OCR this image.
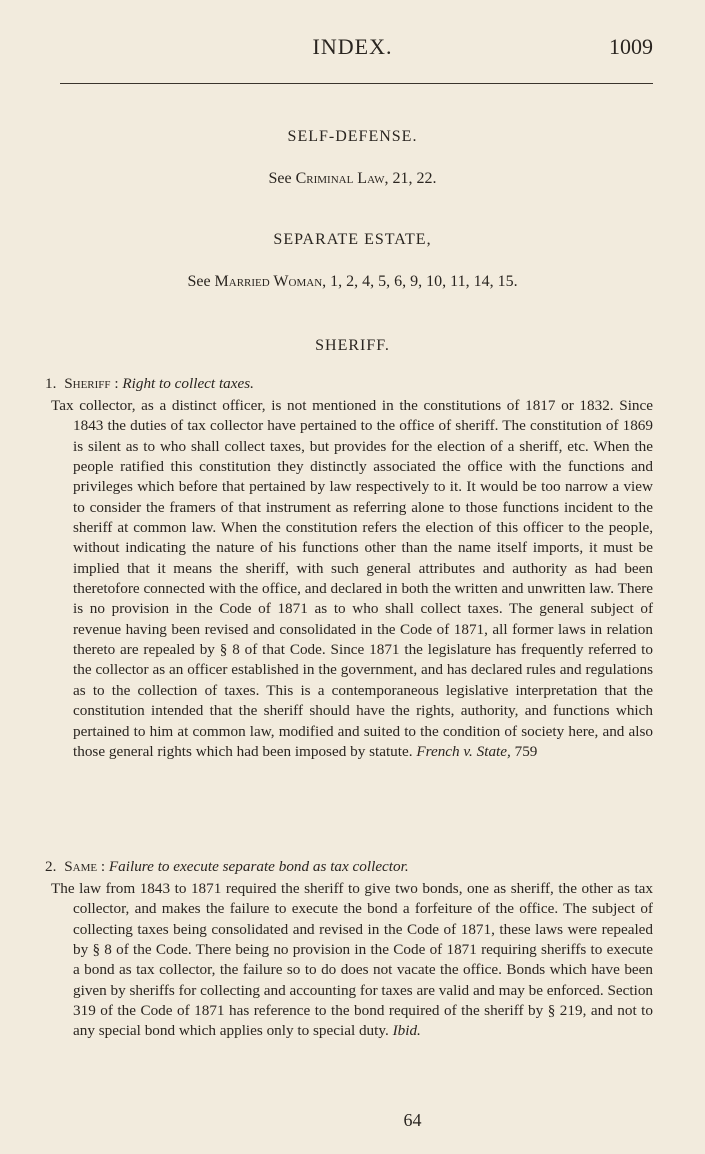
INDEX.	1009
SELF-DEFENSE.
See Criminal Law, 21, 22.
SEPARATE ESTATE,
See Married Woman, 1, 2, 4, 5, 6, 9, 10, 11, 14, 15.
SHERIFF.

1. Sheriff : Right to collect taxes.

Tax collector, as a distinct officer, is not mentioned in the constitutions of 1817 or 1832. Since 1843 the duties of tax collector have pertained to the office of sheriff. The constitution of 1869 is silent as to who shall collect taxes, but provides for the election of a sheriff, etc. When the people ratified this constitution they distinctly associated the office with the functions and privileges which before that pertained by law respectively to it. It would be too narrow a view to consider the framers of that instrument as referring alone to those functions incident to the sheriff at common law. When the constitution refers the election of this officer to the people, without indicating the nature of his functions other than the name itself imports, it must be implied that it means the sheriff, with such general attributes and authority as had been theretofore connected with the office, and declared in both the written and unwritten law. There is no provision in the Code of 1871 as to who shall collect taxes. The general subject of revenue having been revised and consolidated in the Code of 1871, all former laws in relation thereto are repealed by § 8 of that Code. Since 1871 the legislature has frequently referred to the collector as an officer established in the government, and has declared rules and regulations as to the collection of taxes. This is a contemporaneous legislative interpretation that the constitution intended that the sheriff should have the rights, authority, and functions which pertained to him at common law, modified and suited to the condition of society here, and also those general rights which had been imposed by statute. French v. State, 759

2. Same : Failure to execute separate bond as tax collector.

The law from 1843 to 1871 required the sheriff to give two bonds, one as sheriff, the other as tax collector, and makes the failure to execute the bond a forfeiture of the office. The subject of collecting taxes being consolidated and revised in the Code of 1871, these laws were repealed by § 8 of the Code. There being no provision in the Code of 1871 requiring sheriffs to execute a bond as tax collector, the failure so to do does not vacate the office. Bonds which have been given by sheriffs for collecting and accounting for taxes are valid and may be enforced. Section 319 of the Code of 1871 has reference to the bond required of the sheriff by § 219, and not to any special bond which applies only to special duty. Ibid.

64
